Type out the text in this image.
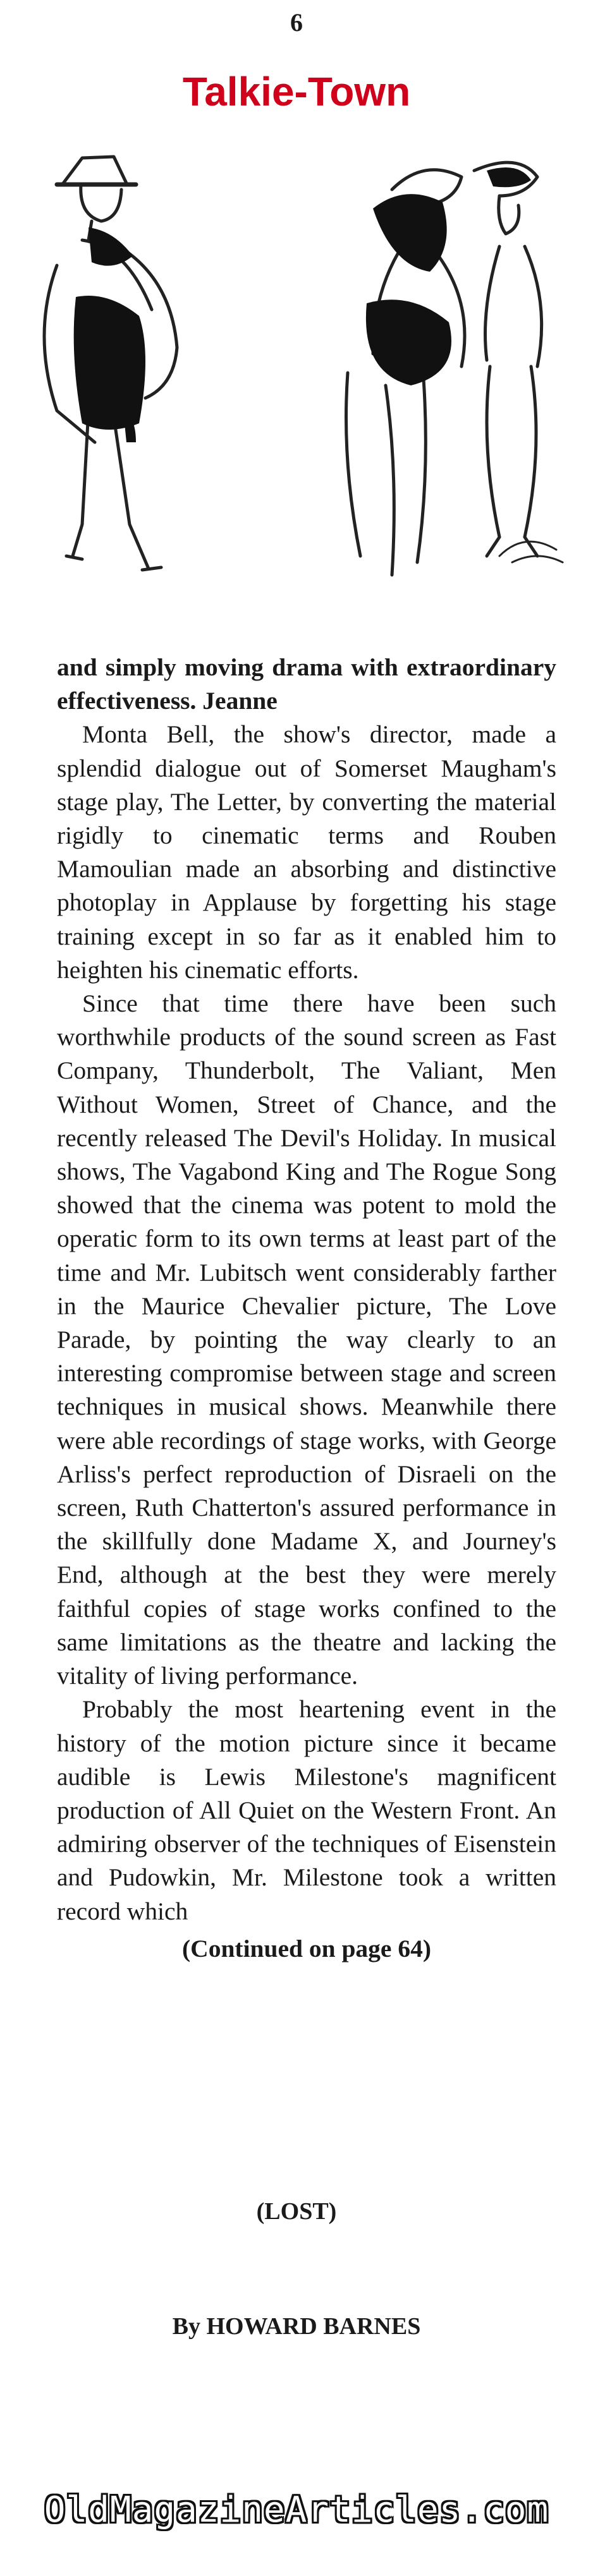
6
Talkie-Town

and simply moving drama with extraordinary effectiveness. Jeanne

Monta Bell, the show's director, made a splendid dialogue out of Somerset Maugham's stage play, The Letter, by converting the material rigidly to cinematic terms and Rouben Mamoulian made an absorbing and distinctive photoplay in Applause by forgetting his stage training except in so far as it enabled him to heighten his cinematic efforts.

Since that time there have been such worthwhile products of the sound screen as Fast Company, Thunderbolt, The Valiant, Men Without Women, Street of Chance, and the recently released The Devil's Holiday. In musical shows, The Vagabond King and The Rogue Song showed that the cinema was potent to mold the operatic form to its own terms at least part of the time and Mr. Lubitsch went considerably farther in the Maurice Chevalier picture, The Love Parade, by pointing the way clearly to an interesting compromise between stage and screen techniques in musical shows. Meanwhile there were able recordings of stage works, with George Arliss's perfect reproduction of Disraeli on the screen, Ruth Chatterton's assured performance in the skillfully done Madame X, and Journey's End, although at the best they were merely faithful copies of stage works confined to the same limitations as the theatre and lacking the vitality of living performance.

Probably the most heartening event in the history of the motion picture since it became audible is Lewis Milestone's magnificent production of All Quiet on the Western Front. An admiring observer of the techniques of Eisenstein and Pudowkin, Mr. Milestone took a written record which

(Continued on page 64)

(LOST)
By HOWARD BARNES
OldMagazineArticles.com
